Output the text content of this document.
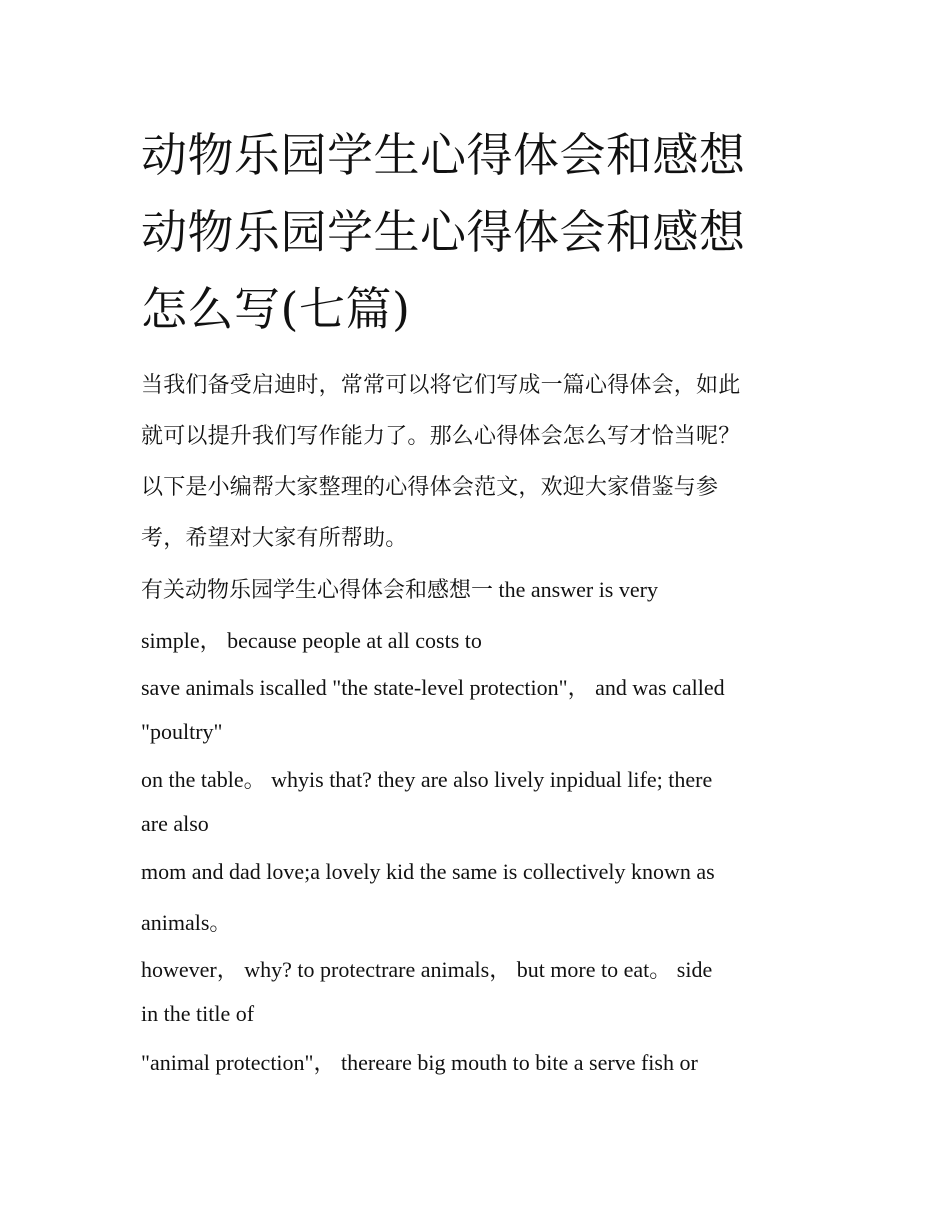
动物乐园学生心得体会和感想
动物乐园学生心得体会和感想
怎么写(七篇)

当我们备受启迪时，常常可以将它们写成一篇心得体会，如此
就可以提升我们写作能力了。那么心得体会怎么写才恰当呢？
以下是小编帮大家整理的心得体会范文，欢迎大家借鉴与参
考，希望对大家有所帮助。

有关动物乐园学生心得体会和感想一 the answer is very
simple， because people at all costs to
save animals iscalled "the state-level protection"， and was called
"poultry"
on the table。 whyis that? they are also lively inpidual life; there
are also
mom and dad love;a lovely kid the same is collectively known as
animals。
however， why? to protectrare animals， but more to eat。 side
in the title of
"animal protection"， thereare big mouth to bite a serve fish or
